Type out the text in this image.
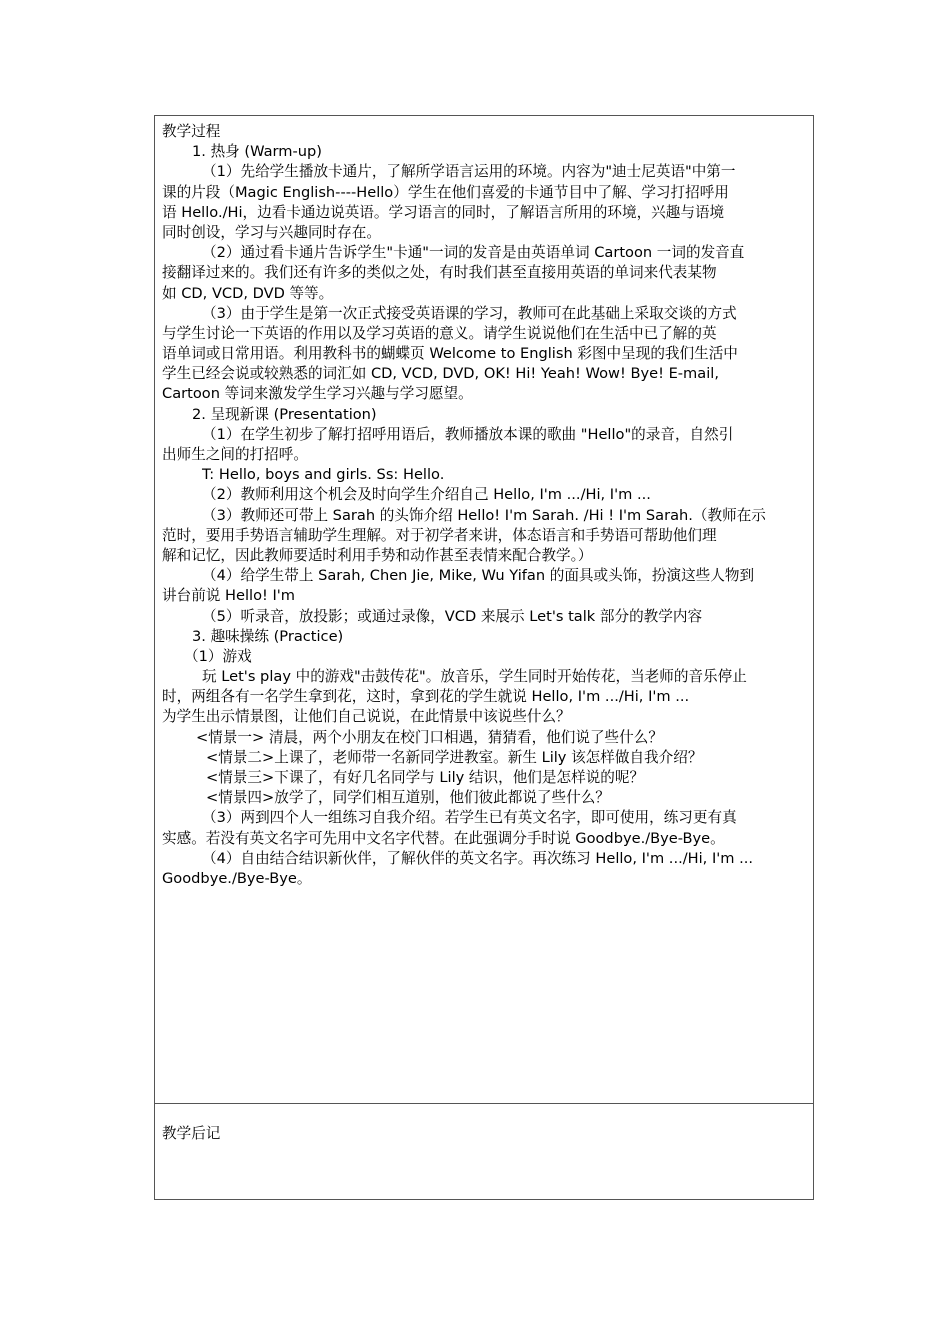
教学过程
1. 热身 (Warm-up)
（1）先给学生播放卡通片，了解所学语言运用的环境。内容为"迪士尼英语"中第一
课的片段（Magic English----Hello）学生在他们喜爱的卡通节目中了解、学习打招呼用
语 Hello./Hi，边看卡通边说英语。学习语言的同时，了解语言所用的环境，兴趣与语境
同时创设，学习与兴趣同时存在。
（2）通过看卡通片告诉学生"卡通"一词的发音是由英语单词 Cartoon 一词的发音直
接翻译过来的。我们还有许多的类似之处，有时我们甚至直接用英语的单词来代表某物
如 CD, VCD, DVD 等等。
（3）由于学生是第一次正式接受英语课的学习，教师可在此基础上采取交谈的方式
与学生讨论一下英语的作用以及学习英语的意义。请学生说说他们在生活中已了解的英
语单词或日常用语。利用教科书的蝴蝶页 Welcome to English 彩图中呈现的我们生活中
学生已经会说或较熟悉的词汇如 CD, VCD, DVD, OK! Hi! Yeah! Wow! Bye! E-mail,
Cartoon 等词来激发学生学习兴趣与学习愿望。
2. 呈现新课 (Presentation)
（1）在学生初步了解打招呼用语后，教师播放本课的歌曲 "Hello"的录音，自然引
出师生之间的打招呼。
T: Hello, boys and girls. Ss: Hello.
（2）教师利用这个机会及时向学生介绍自己 Hello, I'm .../Hi, I'm ...
（3）教师还可带上 Sarah 的头饰介绍 Hello! I'm Sarah. /Hi ! I'm Sarah.（教师在示
范时，要用手势语言辅助学生理解。对于初学者来讲，体态语言和手势语可帮助他们理
解和记忆，因此教师要适时利用手势和动作甚至表情来配合教学。）
（4）给学生带上 Sarah, Chen Jie, Mike, Wu Yifan 的面具或头饰，扮演这些人物到
讲台前说 Hello! I'm
（5）听录音，放投影；或通过录像，VCD 来展示 Let's talk 部分的教学内容
3. 趣味操练 (Practice)
（1）游戏
玩 Let's play 中的游戏"击鼓传花"。放音乐，学生同时开始传花，当老师的音乐停止
时，两组各有一名学生拿到花，这时，拿到花的学生就说 Hello, I'm .../Hi, I'm ...
为学生出示情景图，让他们自己说说，在此情景中该说些什么？
<情景一> 清晨，两个小朋友在校门口相遇，猜猜看，他们说了些什么？
<情景二>上课了，老师带一名新同学进教室。新生 Lily 该怎样做自我介绍？
<情景三>下课了，有好几名同学与 Lily 结识，他们是怎样说的呢？
<情景四>放学了，同学们相互道别，他们彼此都说了些什么？
（3）两到四个人一组练习自我介绍。若学生已有英文名字，即可使用，练习更有真
实感。若没有英文名字可先用中文名字代替。在此强调分手时说 Goodbye./Bye-Bye。
（4）自由结合结识新伙伴，了解伙伴的英文名字。再次练习 Hello, I'm .../Hi, I'm ...
Goodbye./Bye-Bye。
教学后记
